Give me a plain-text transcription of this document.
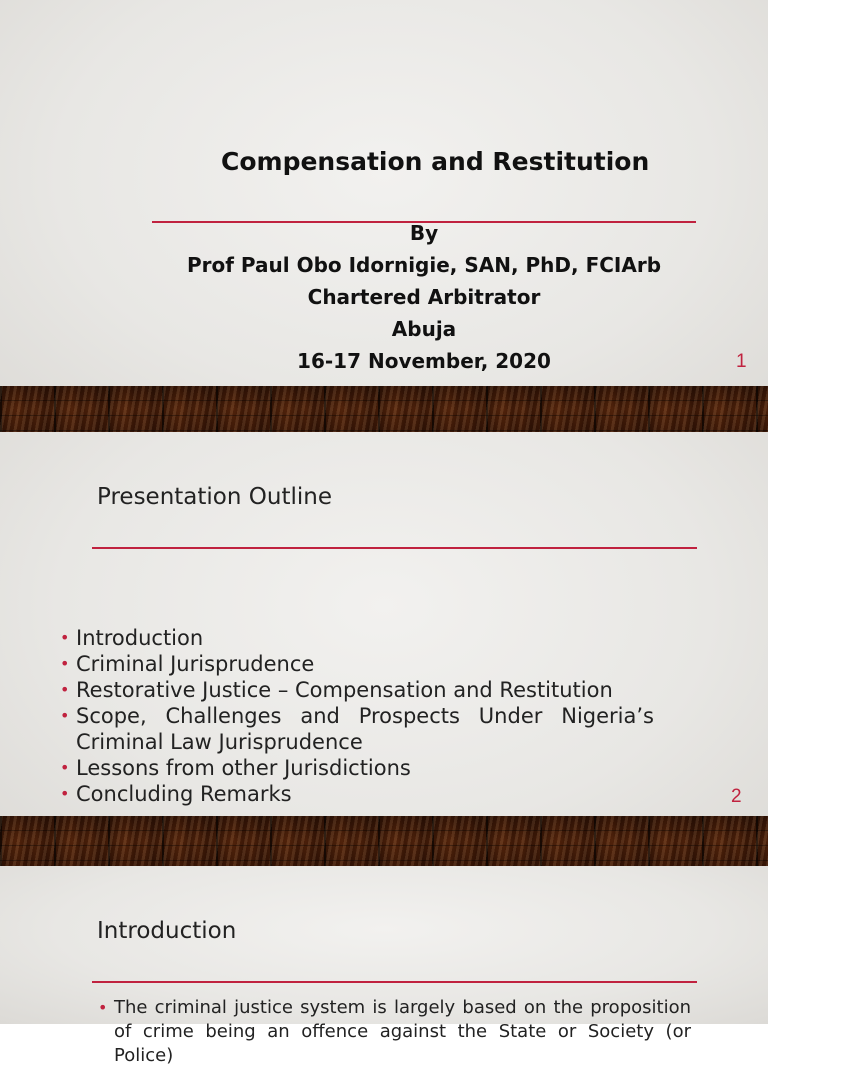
Compensation and Restitution
By
Prof Paul Obo Idornigie, SAN, PhD, FCIArb
Chartered Arbitrator
Abuja
16-17 November, 2020	1
Presentation Outline
• Introduction
• Criminal Jurisprudence
• Restorative Justice – Compensation and Restitution
• Scope, Challenges and Prospects Under Nigeria’s Criminal Law Jurisprudence
• Lessons from other Jurisdictions
• Concluding Remarks	2
Introduction
• The criminal justice system is largely based on the proposition of crime being an offence against the State or Society (or Police)
